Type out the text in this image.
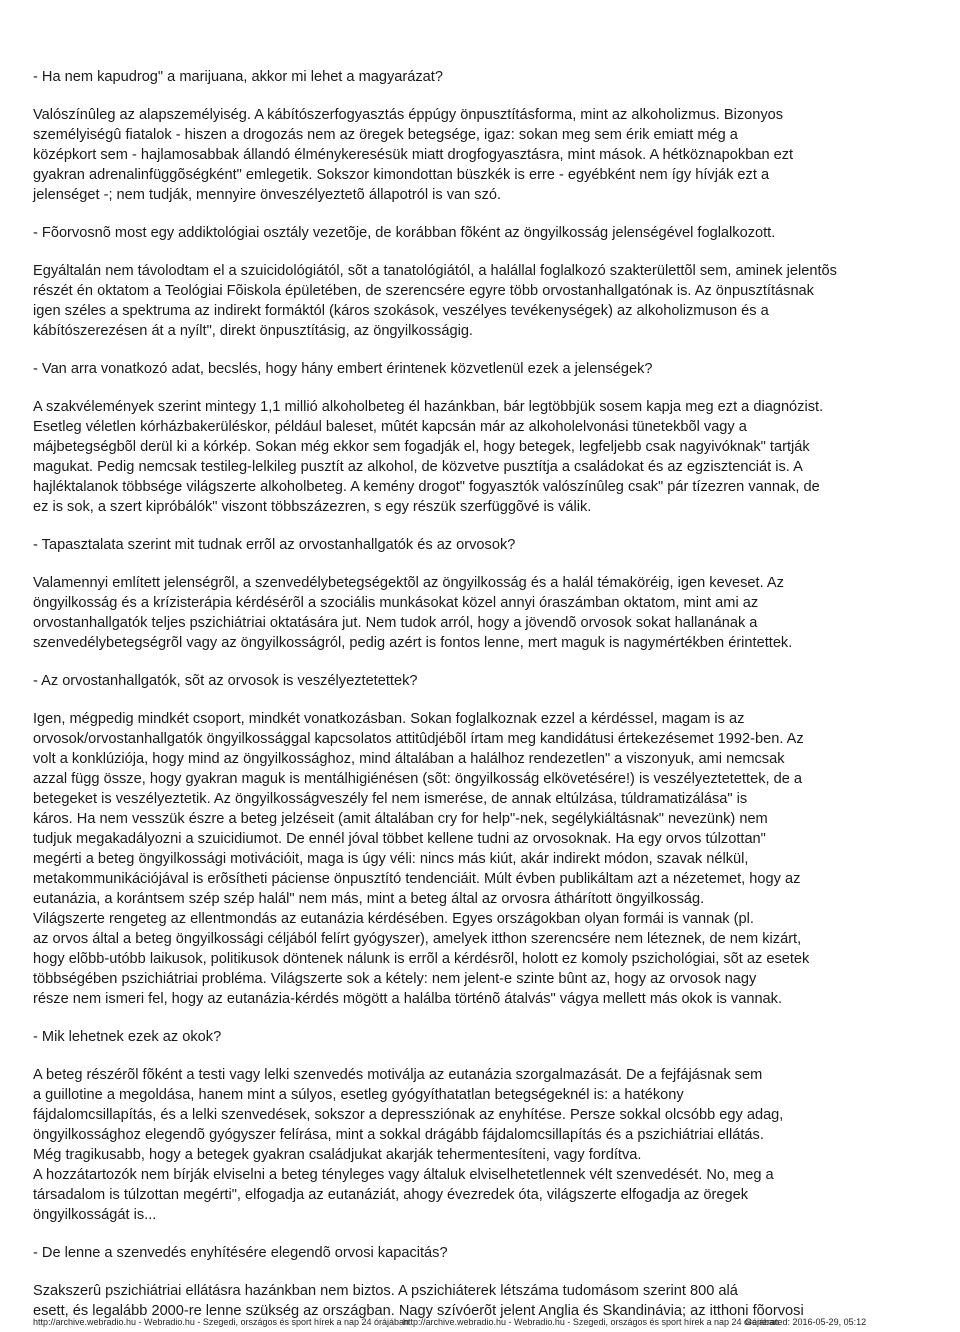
- Ha nem kapudrog" a marijuana, akkor mi lehet a magyarázat?
Valószínûleg az alapszemélyiség. A kábítószerfogyasztás éppúgy önpusztításforma, mint az alkoholizmus. Bizonyos
személyiségû fiatalok - hiszen a drogozás nem az öregek betegsége, igaz: sokan meg sem érik emiatt még a
középkort sem - hajlamosabbak állandó élménykeresésük miatt drogfogyasztásra, mint mások. A hétköznapokban ezt
gyakran adrenalinfüggõségként" emlegetik. Sokszor kimondottan büszkék is erre - egyébként nem így hívják ezt a
jelenséget -; nem tudják, mennyire önveszélyeztetõ állapotról is van szó.
- Fõorvosnõ most egy addiktológiai osztály vezetõje, de korábban fõként az öngyilkosság jelenségével foglalkozott.
Egyáltalán nem távolodtam el a szuicidológiától, sõt a tanatológiától, a halállal foglalkozó szakterülettõl sem, aminek jelentõs
részét én oktatom a Teológiai Fõiskola épületében, de szerencsére egyre több orvostanhallgatónak is. Az önpusztításnak
igen széles a spektruma az indirekt formáktól (káros szokások, veszélyes tevékenységek) az alkoholizmuson és a
kábítószerezésen át a nyílt", direkt önpusztításig, az öngyilkosságig.
- Van arra vonatkozó adat, becslés, hogy hány embert érintenek közvetlenül ezek a jelenségek?
A szakvélemények szerint mintegy 1,1 millió alkoholbeteg él hazánkban, bár legtöbbjük sosem kapja meg ezt a diagnózist.
Esetleg véletlen kórházbakerüléskor, például baleset, mûtét kapcsán már az alkoholelvonási tünetekbõl vagy a
májbetegségbõl derül ki a kórkép. Sokan még ekkor sem fogadják el, hogy betegek, legfeljebb csak nagyivóknak" tartják
magukat. Pedig nemcsak testileg-lelkileg pusztít az alkohol, de közvetve pusztítja a családokat és az egzisztenciát is. A
hajléktalanok többsége világszerte alkoholbeteg. A kemény drogot" fogyasztók valószínûleg csak" pár tízezren vannak, de
ez is sok, a szert kipróbálók" viszont többszázezren, s egy részük szerfüggõvé is válik.
- Tapasztalata szerint mit tudnak errõl az orvostanhallgatók és az orvosok?
Valamennyi említett jelenségrõl, a szenvedélybetegségektõl az öngyilkosság és a halál témaköréig, igen keveset. Az
öngyilkosság és a krízisterápia kérdésérõl a szociális munkásokat közel annyi óraszámban oktatom, mint ami az
orvostanhallgatók teljes pszichiátriai oktatására jut. Nem tudok arról, hogy a jövendõ orvosok sokat hallanának a
szenvedélybetegségrõl vagy az öngyilkosságról, pedig azért is fontos lenne, mert maguk is nagymértékben érintettek.
- Az orvostanhallgatók, sõt az orvosok is veszélyeztetettek?
Igen, mégpedig mindkét csoport, mindkét vonatkozásban. Sokan foglalkoznak ezzel a kérdéssel, magam is az
orvosok/orvostanhallgatók öngyilkossággal kapcsolatos attitûdjébõl írtam meg kandidátusi értekezésemet 1992-ben. Az
volt a konklúziója, hogy mind az öngyilkossághoz, mind általában a halálhoz rendezetlen" a viszonyuk, ami nemcsak
azzal függ össze, hogy gyakran maguk is mentálhigiénésen (sõt: öngyilkosság elkövetésére!) is veszélyeztetettek, de a
betegeket is veszélyeztetik. Az öngyilkosságveszély fel nem ismerése, de annak eltúlzása, túldramatizálása" is
káros. Ha nem vesszük észre a beteg jelzéseit (amit általában cry for help"-nek, segélykiáltásnak" nevezünk) nem
tudjuk megakadályozni a szuicidiumot. De ennél jóval többet kellene tudni az orvosoknak. Ha egy orvos túlzottan"
megérti a beteg öngyilkossági motivációit, maga is úgy véli: nincs más kiút, akár indirekt módon, szavak nélkül,
metakommunikációjával is erõsítheti páciense önpusztító tendenciáit. Múlt évben publikáltam azt a nézetemet, hogy az
eutanázia, a korántsem szép szép halál" nem más, mint a beteg által az orvosra áthárított öngyilkosság.
Világszerte rengeteg az ellentmondás az eutanázia kérdésében. Egyes országokban olyan formái is vannak (pl.
az orvos által a beteg öngyilkossági céljából felírt gyógyszer), amelyek itthon szerencsére nem léteznek, de nem kizárt,
hogy elõbb-utóbb laikusok, politikusok döntenek nálunk is errõl a kérdésrõl, holott ez komoly pszichológiai, sõt az esetek
többségében pszichiátriai probléma. Világszerte sok a kétely: nem jelent-e szinte bûnt az, hogy az orvosok nagy
része nem ismeri fel, hogy az eutanázia-kérdés mögött a halálba történõ átalvás" vágya mellett más okok is vannak.
- Mik lehetnek ezek az okok?
A beteg részérõl fõként a testi vagy lelki szenvedés motiválja az eutanázia szorgalmazását. De a fejfájásnak sem
a guillotine a megoldása, hanem mint a súlyos, esetleg gyógyíthatatlan betegségeknél is: a hatékony
fájdalomcsillapítás, és a lelki szenvedések, sokszor a depressziónak az enyhítése. Persze sokkal olcsóbb egy adag,
öngyilkossághoz elegendõ gyógyszer felírása, mint a sokkal drágább fájdalomcsillapítás és a pszichiátriai ellátás.
Még tragikusabb, hogy a betegek gyakran családjukat akarják tehermentesíteni, vagy fordítva.
A hozzátartozók nem bírják elviselni a beteg tényleges vagy általuk elviselhetetlennek vélt szenvedését. No, meg a
társadalom is túlzottan megérti", elfogadja az eutanáziát, ahogy évezredek óta, világszerte elfogadja az öregek
öngyilkosságát is...
- De lenne a szenvedés enyhítésére elegendõ orvosi kapacitás?
Szakszerû pszichiátriai ellátásra hazánkban nem biztos. A pszichiáterek létszáma tudomásom szerint 800 alá
esett, és legalább 2000-re lenne szükség az országban. Nagy szívóerõt jelent Anglia és Skandinávia; az itthoni fõorvosi
http://archive.webradio.hu - Webradio.hu - Szegedi, országos és sport hírek a nap 24 órájában
http://archive.webradio.hu - Webradio.hu - Szegedi, országos és sport hírek a nap 24 órájában
Generated: 2016-05-29, 05:12
